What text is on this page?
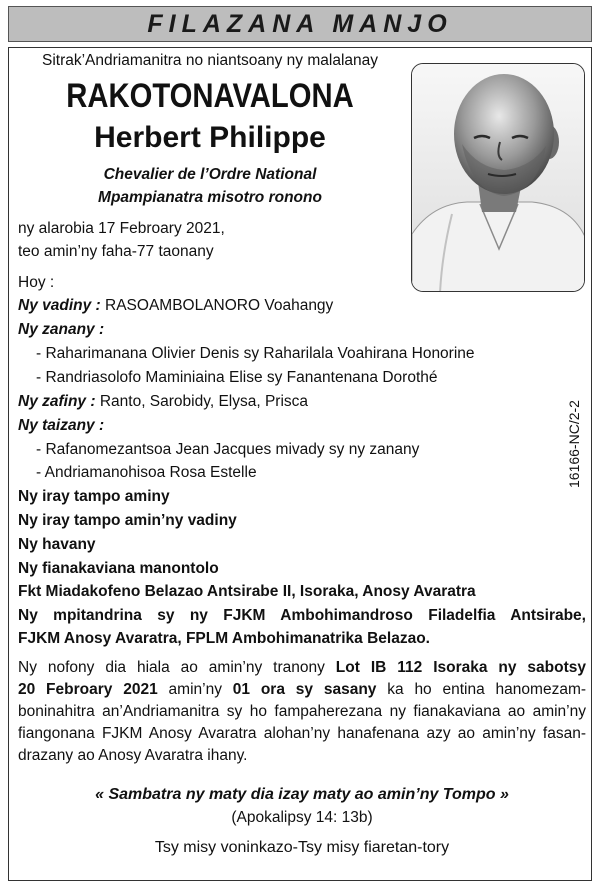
FILAZANA MANJO
16166-NC/2-2
Sitrak’Andriamanitra no niantsoany ny malalanay
RAKOTONAVALONA
Herbert Philippe
Chevalier de l’Ordre National
Mpampianatra misotro ronono
ny alarobia 17 Febroary 2021,
teo amin’ny faha-77 taonany
Hoy :
Ny vadiny : RASOAMBOLANORO Voahangy
Ny zanany :
- Raharimanana Olivier Denis sy Raharilala Voahirana Honorine
- Randriasolofo Maminiaina Elise sy Fanantenana Dorothé
Ny zafiny : Ranto, Sarobidy, Elysa, Prisca
Ny taizany :
- Rafanomezantsoa Jean Jacques mivady sy ny zanany
- Andriamanohisoa Rosa Estelle
Ny iray tampo aminy
Ny iray tampo amin’ny vadiny
Ny havany
Ny fianakaviana manontolo
Fkt Miadakofeno Belazao Antsirabe II, Isoraka, Anosy Avaratra
Ny mpitandrina sy ny FJKM Ambohimandroso Filadelfia Antsirabe,
FJKM Anosy Avaratra, FPLM Ambohimanatrika Belazao.
Ny nofony dia hiala ao amin’ny tranony Lot IB 112 Isoraka ny sabotsy
20 Febroary 2021 amin’ny 01 ora sy sasany ka ho entina hanomezam-
boninahitra an’Andriamanitra sy ho fampaherezana ny fianakaviana ao amin’ny
fiangonana FJKM Anosy Avaratra alohan’ny hanafenana azy ao amin’ny fasan-
drazany ao Anosy Avaratra ihany.
« Sambatra ny maty dia izay maty ao amin’ny Tompo »
(Apokalipsy 14: 13b)
Tsy misy voninkazo-Tsy misy fiaretan-tory
